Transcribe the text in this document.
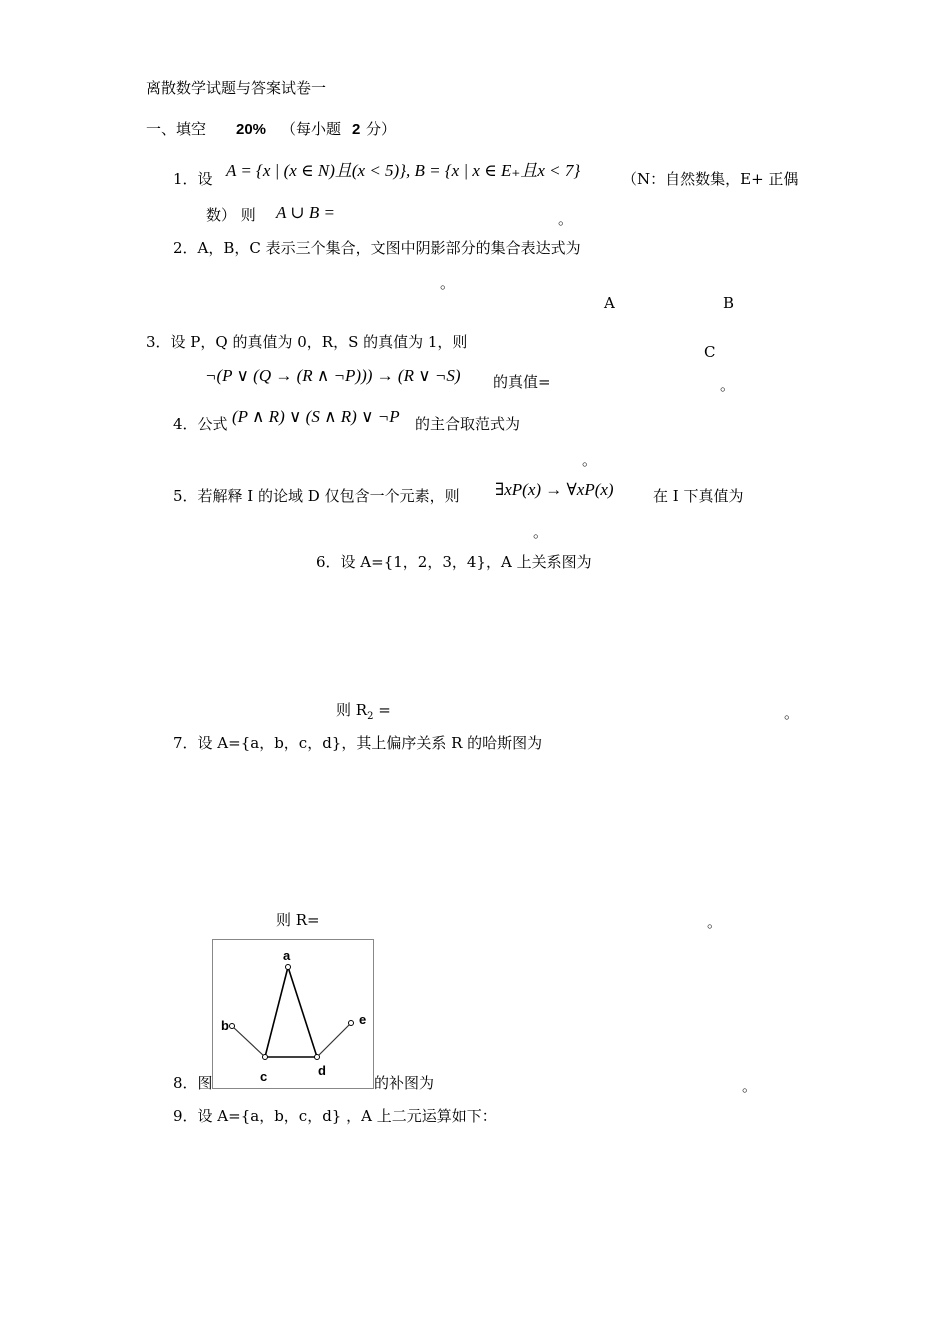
离散数学试题与答案试卷一
一、填空 20% （每小题 2 分）
1．设 A = {x | (x ∈ N)且(x < 5)}, B = {x | x ∈ E₊且x < 7}	（N：自然数集，E+ 正偶
数） 则 A ∪ B =	。
2．A，B，C 表示三个集合，文图中阴影部分的集合表达式为
。
A	B
C
3．设 P，Q 的真值为 0，R，S 的真值为 1，则
¬(P ∨ (Q → (R ∧ ¬P))) → (R ∨ ¬S) 的真值=	。
4．公式 (P ∧ R) ∨ (S ∧ R) ∨ ¬P 的主合取范式为
。
5．若解释 I 的论域 D 仅包含一个元素，则 ∃xP(x) → ∀xP(x)	在 I 下真值为
。
6．设 A={1，2，3，4}，A 上关系图为
则 $R_2$ =	。
7．设 A={a，b，c，d}，其上偏序关系 R 的哈斯图为
则 R=	。
a
b
c	d
e
8．图	的补图为	。
9．设 A={a，b，c，d} ，A 上二元运算如下：
